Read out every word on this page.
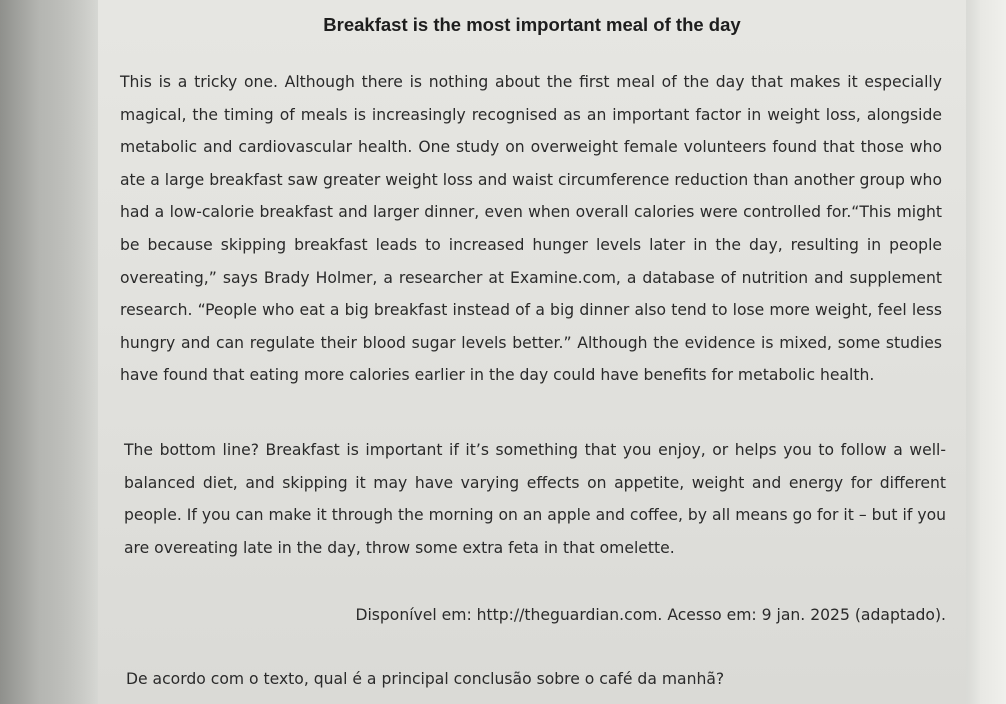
Breakfast is the most important meal of the day

This is a tricky one. Although there is nothing about the first meal of the day that makes it especially magical, the timing of meals is increasingly recognised as an important factor in weight loss, alongside metabolic and cardiovascular health. One study on overweight female volunteers found that those who ate a large breakfast saw greater weight loss and waist circumference reduction than another group who had a low-calorie breakfast and larger dinner, even when overall calories were controlled for.“This might be because skipping breakfast leads to increased hunger levels later in the day, resulting in people overeating,” says Brady Holmer, a researcher at Examine.com, a database of nutrition and supplement research. “People who eat a big breakfast instead of a big dinner also tend to lose more weight, feel less hungry and can regulate their blood sugar levels better.” Although the evidence is mixed, some studies have found that eating more calories earlier in the day could have benefits for metabolic health.

The bottom line? Breakfast is important if it’s something that you enjoy, or helps you to follow a well-balanced diet, and skipping it may have varying effects on appetite, weight and energy for different people. If you can make it through the morning on an apple and coffee, by all means go for it – but if you are overeating late in the day, throw some extra feta in that omelette.

Disponível em: http://theguardian.com. Acesso em: 9 jan. 2025 (adaptado).
De acordo com o texto, qual é a principal conclusão sobre o café da manhã?
